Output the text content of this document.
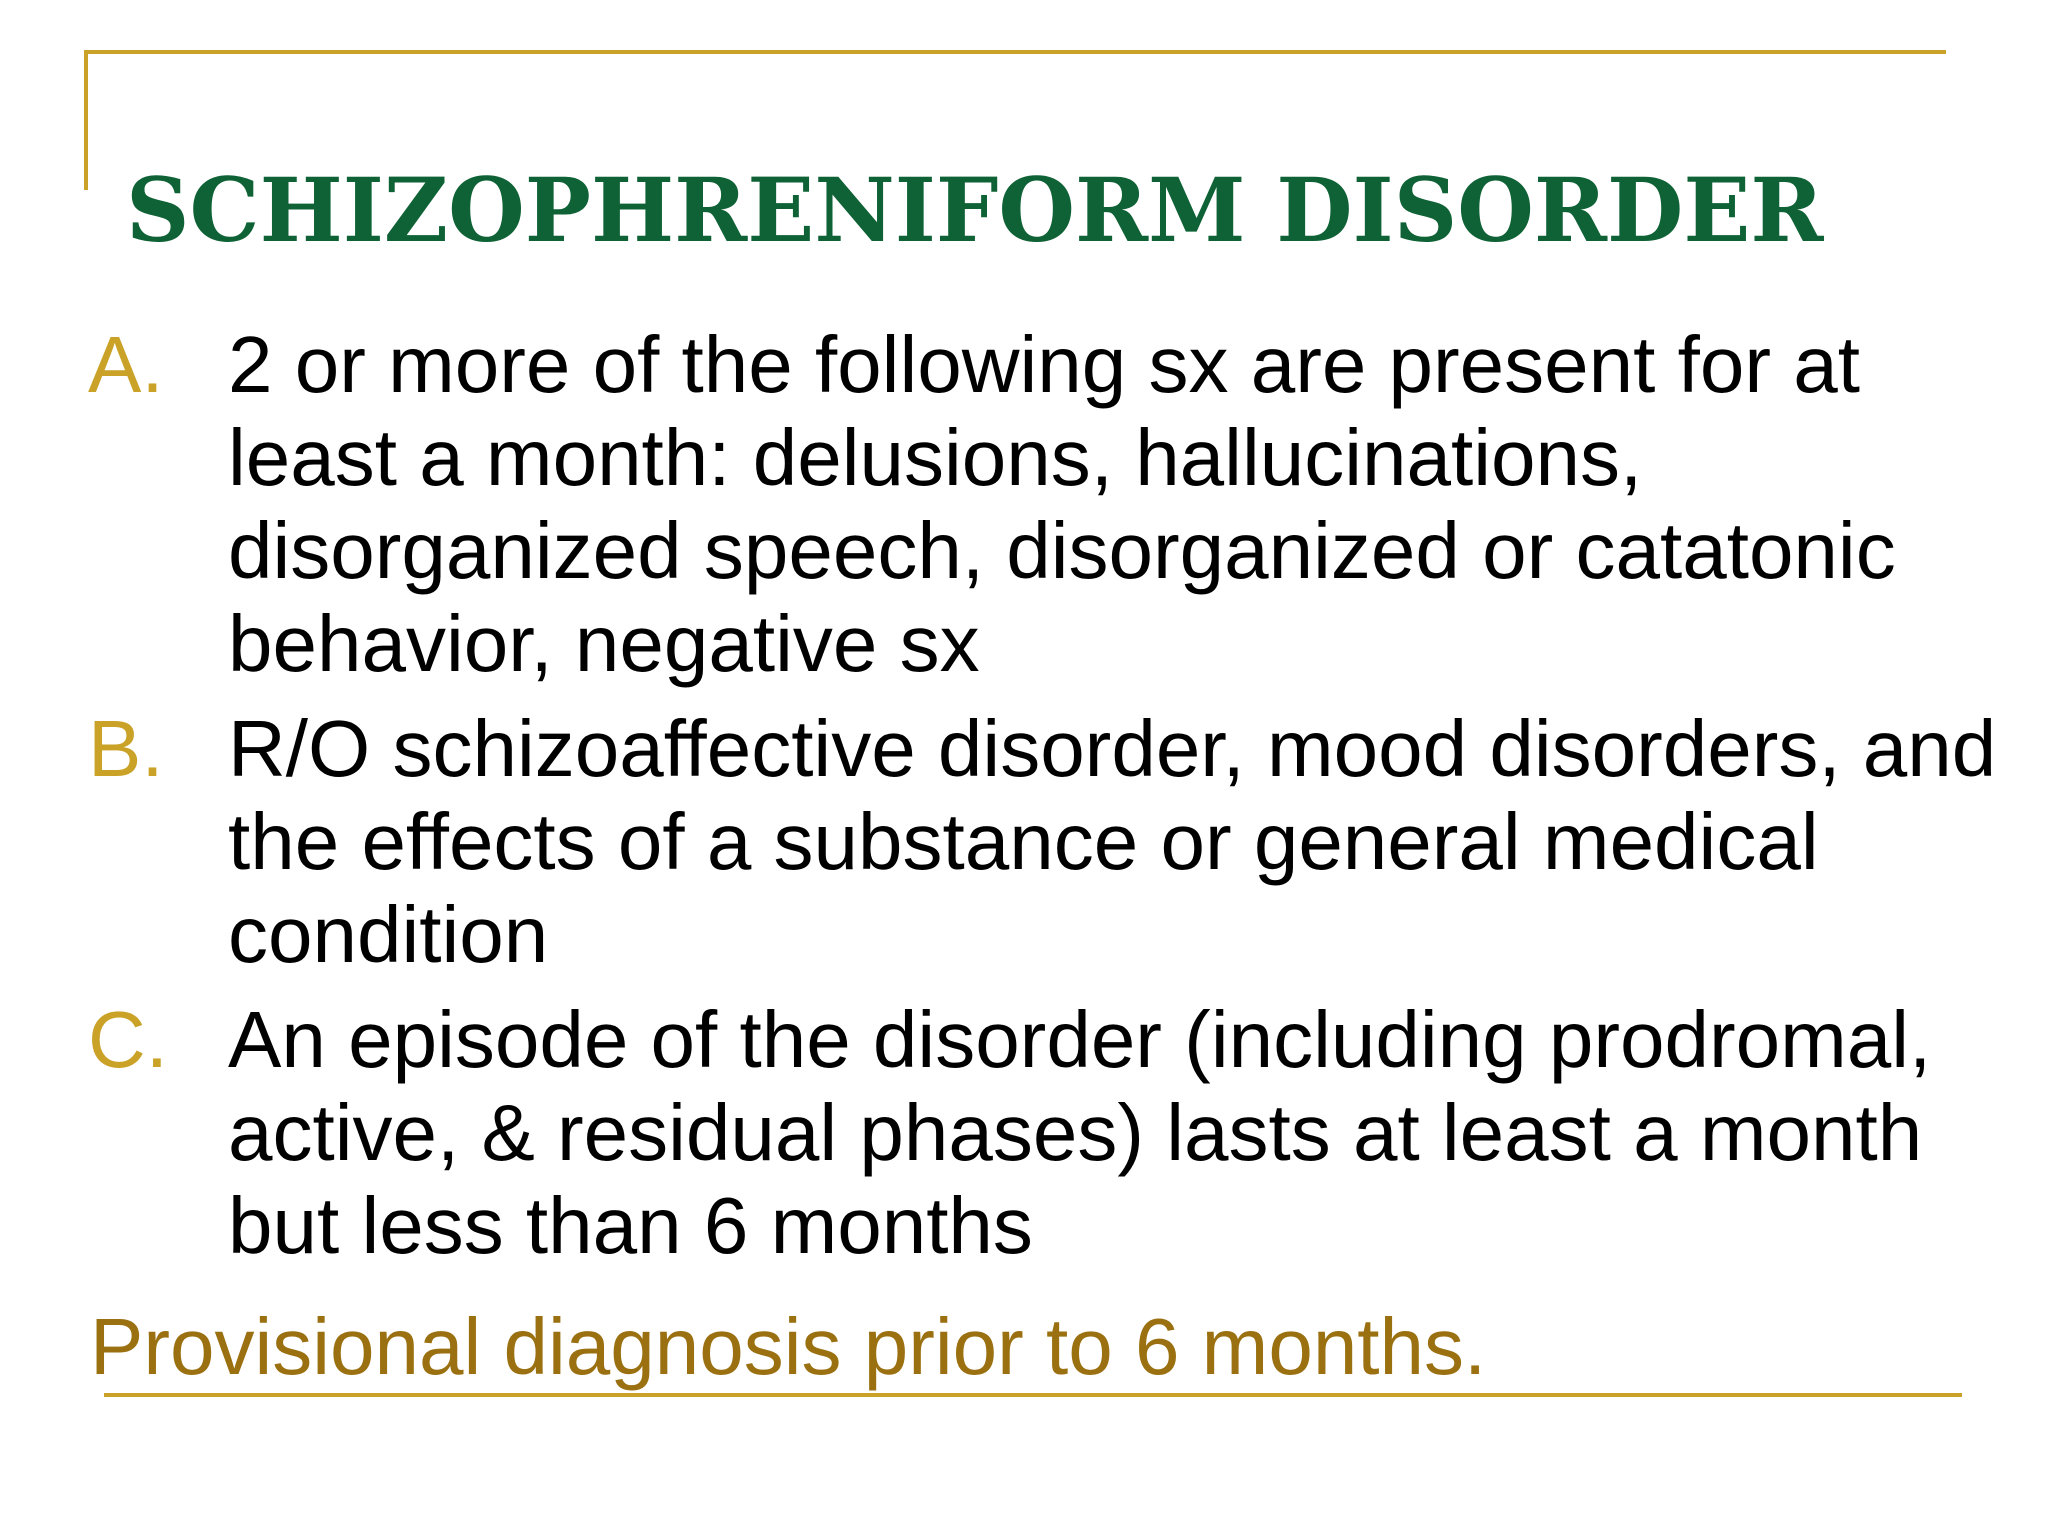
SCHIZOPHRENIFORM DISORDER
A. 2 or more of the following sx are present for at least a month: delusions, hallucinations, disorganized speech, disorganized or catatonic behavior, negative sx
B. R/O schizoaffective disorder, mood disorders, and the effects of a substance or general medical condition
C. An episode of the disorder (including prodromal, active, & residual phases) lasts at least a month but less than 6 months

Provisional diagnosis prior to 6 months.
